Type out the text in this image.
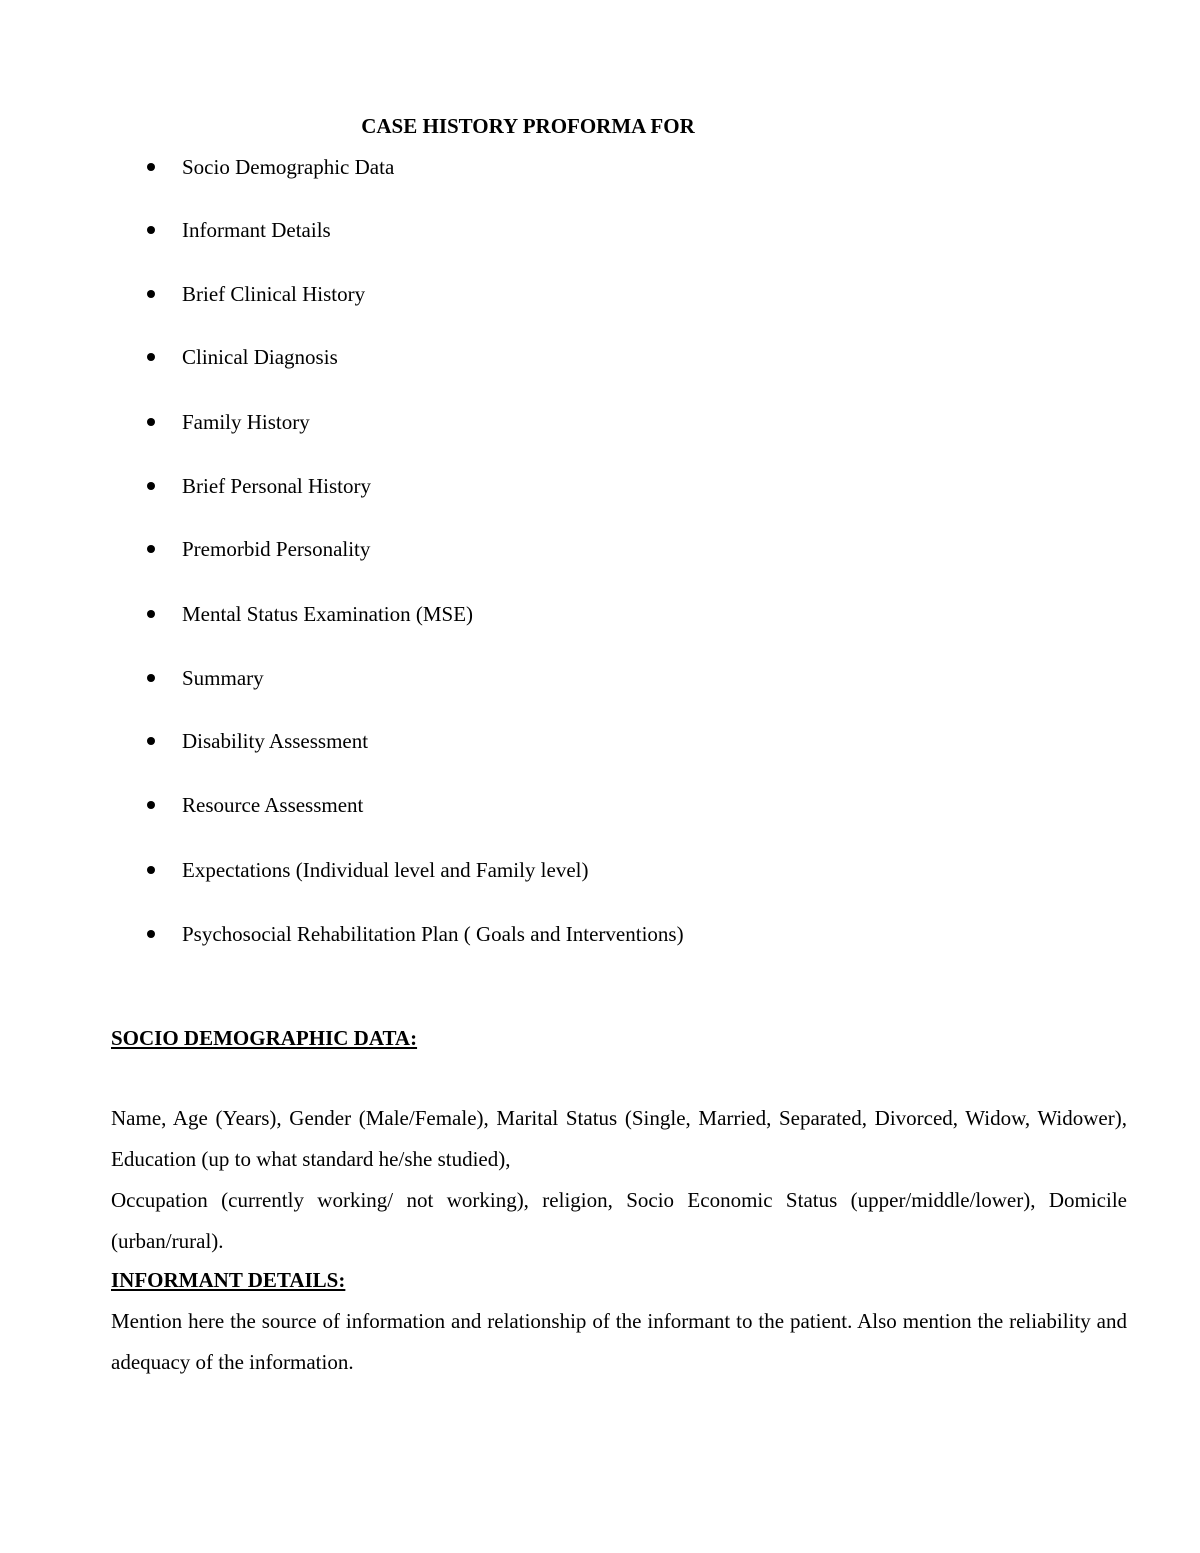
CASE HISTORY PROFORMA FOR
Socio Demographic Data
Informant Details
Brief Clinical History
Clinical Diagnosis
Family History
Brief Personal History
Premorbid Personality
Mental Status Examination (MSE)
Summary
Disability Assessment
Resource Assessment
Expectations (Individual level and Family level)
Psychosocial Rehabilitation Plan ( Goals and Interventions)
SOCIO DEMOGRAPHIC DATA:

Name, Age (Years), Gender (Male/Female), Marital Status (Single, Married, Separated, Divorced, Widow, Widower), Education (up to what standard he/she studied),

Occupation (currently working/ not working), religion, Socio Economic Status (upper/middle/lower), Domicile (urban/rural).

INFORMANT DETAILS:

Mention here the source of information and relationship of the informant to the patient. Also mention the reliability and adequacy of the information.
